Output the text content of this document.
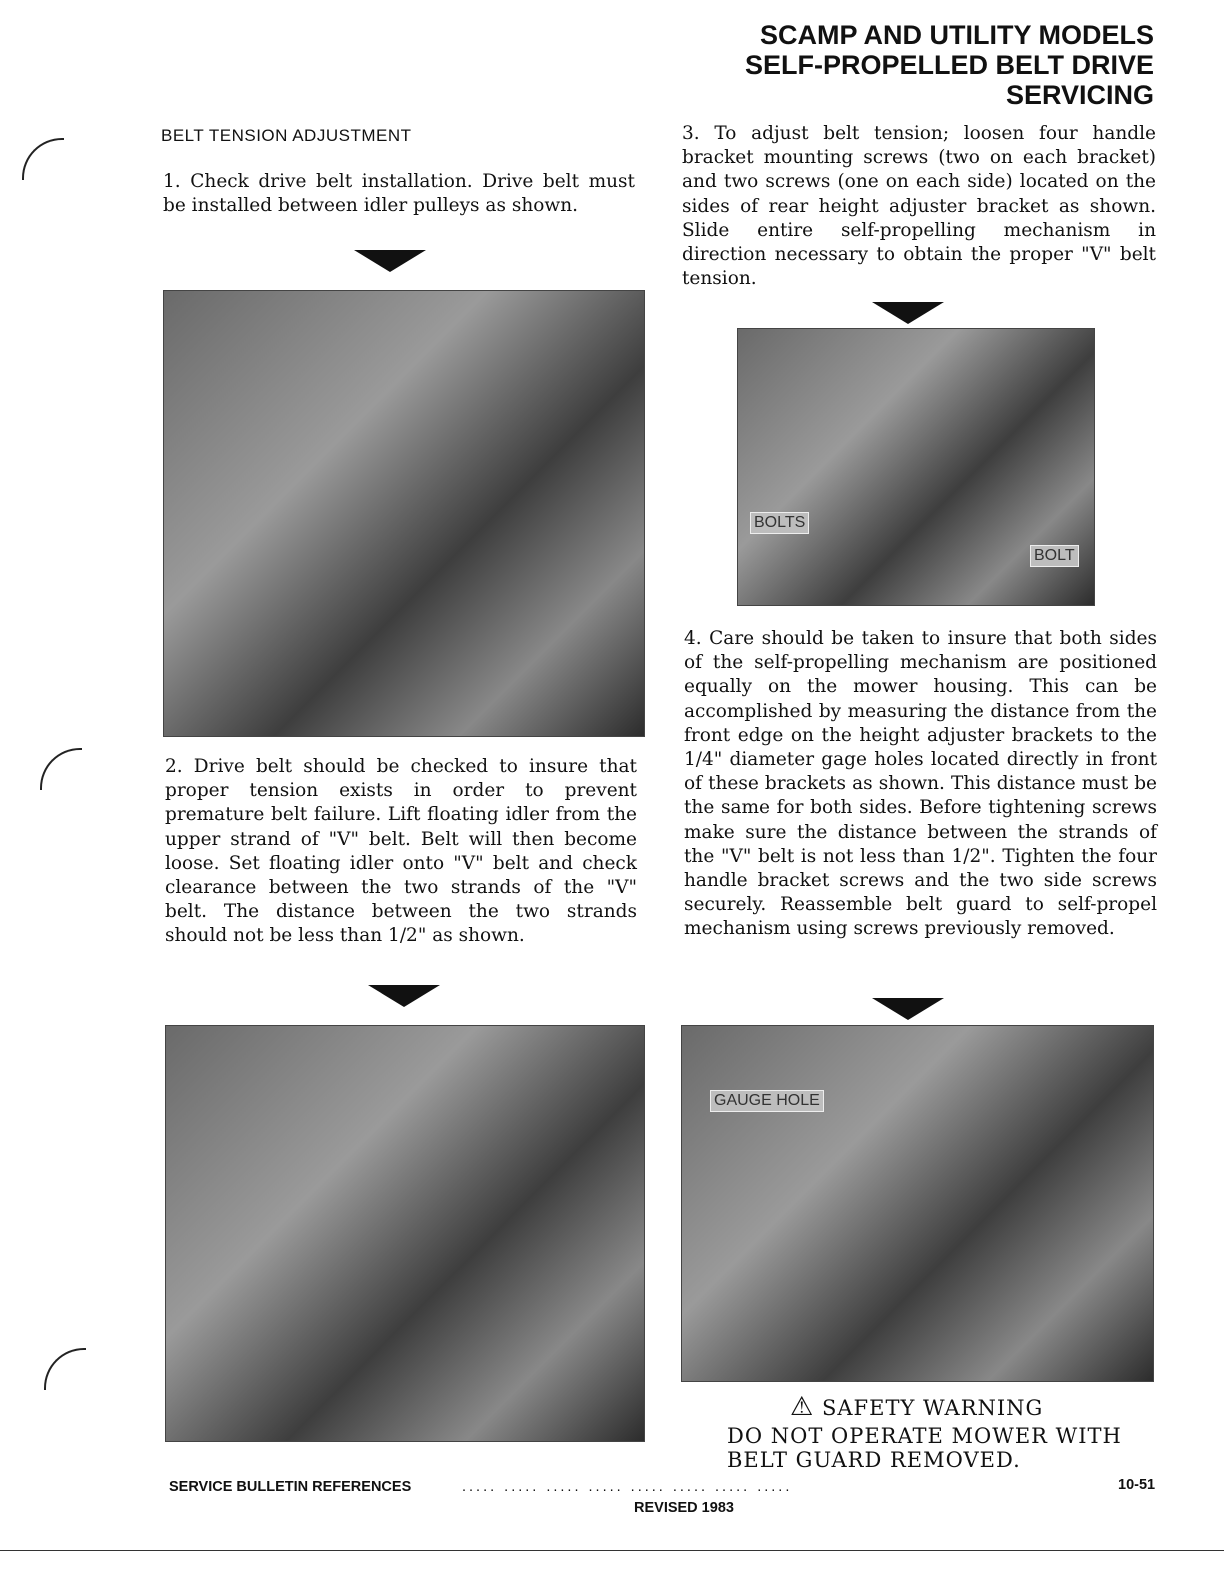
SCAMP AND UTILITY MODELS
SELF-PROPELLED BELT DRIVE
SERVICING
BELT TENSION ADJUSTMENT
1. Check drive belt installation. Drive belt must be installed between idler pulleys as shown.
2. Drive belt should be checked to insure that proper tension exists in order to prevent premature belt failure. Lift floating idler from the upper strand of "V" belt. Belt will then become loose. Set floating idler onto "V" belt and check clearance between the two strands of the "V" belt. The distance between the two strands should not be less than 1/2" as shown.
3. To adjust belt tension; loosen four handle bracket mounting screws (two on each bracket) and two screws (one on each side) located on the sides of rear height adjuster bracket as shown. Slide entire self-propelling mechanism in direction necessary to obtain the proper "V" belt tension.
BOLTS
BOLT
4. Care should be taken to insure that both sides of the self-propelling mechanism are positioned equally on the mower housing. This can be accomplished by measuring the distance from the front edge on the height adjuster brackets to the 1/4" diameter gage holes located directly in front of these brackets as shown. This distance must be the same for both sides. Before tightening screws make sure the distance between the strands of the "V" belt is not less than 1/2". Tighten the four handle bracket screws and the two side screws securely. Reassemble belt guard to self-propel mechanism using screws previously removed.
GAUGE HOLE
⚠ SAFETY WARNING
DO NOT OPERATE MOWER WITH
BELT GUARD REMOVED.
SERVICE BULLETIN REFERENCES	..... ..... ..... ..... ..... ..... ..... .....	10-51
REVISED 1983
